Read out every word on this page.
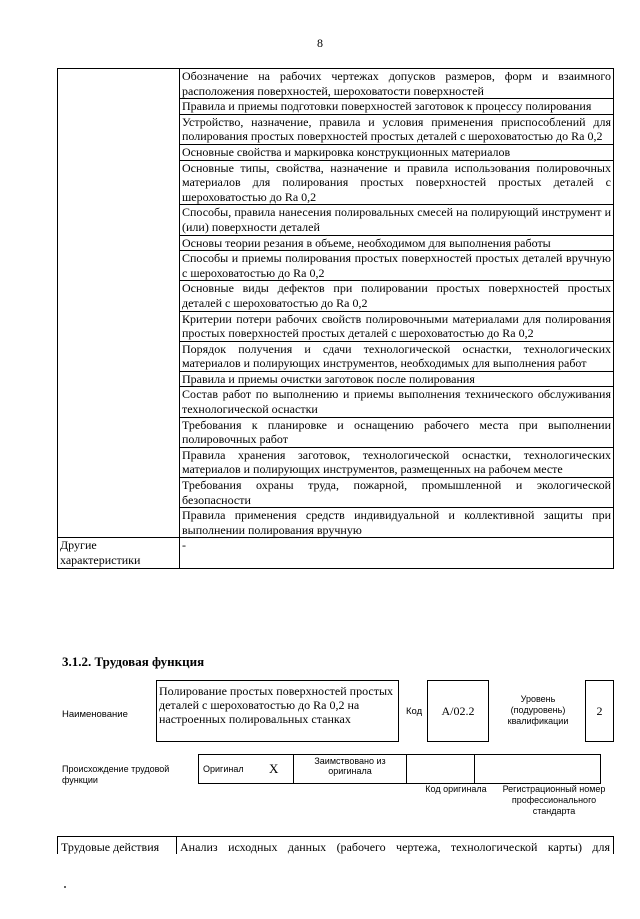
8
	Обозначение на рабочих чертежах допусков размеров, форм и взаимного расположения поверхностей, шероховатости поверхностей
	Правила и приемы подготовки поверхностей заготовок к процессу полирования
	Устройство, назначение, правила и условия применения приспособлений для полирования простых поверхностей простых деталей с шероховатостью до Ra 0,2
	Основные свойства и маркировка конструкционных материалов
	Основные типы, свойства, назначение и правила использования полировочных материалов для полирования простых поверхностей простых деталей с шероховатостью до Ra 0,2
	Способы, правила нанесения полировальных смесей на полирующий инструмент и (или) поверхности деталей
	Основы теории резания в объеме, необходимом для выполнения работы
	Способы и приемы полирования простых поверхностей простых деталей вручную с шероховатостью до Ra 0,2
	Основные виды дефектов при полировании простых поверхностей простых деталей с шероховатостью до Ra 0,2
	Критерии потери рабочих свойств полировочными материалами для полирования простых поверхностей простых деталей с шероховатостью до Ra 0,2
	Порядок получения и сдачи технологической оснастки, технологических материалов и полирующих инструментов, необходимых для выполнения работ
	Правила и приемы очистки заготовок после полирования
	Состав работ по выполнению и приемы выполнения технического обслуживания технологической оснастки
	Требования к планировке и оснащению рабочего места при выполнении полировочных работ
	Правила хранения заготовок, технологической оснастки, технологических материалов и полирующих инструментов, размещенных на рабочем месте
	Требования охраны труда, пожарной, промышленной и экологической безопасности
	Правила применения средств индивидуальной и коллективной защиты при выполнении полирования вручную
Другие характеристики	-
3.1.2. Трудовая функция
Наименование
Полирование простых поверхностей простых деталей с шероховатостью до Ra 0,2 на настроенных полировальных станках
Код	А/02.2
Уровень (подуровень) квалификации
2
Происхождение трудовой функции
Оригинал	X	Заимствовано из оригинала		
Код оригинала	Регистрационный номер профессионального стандарта
Трудовые действия	Анализ исходных данных (рабочего чертежа, технологической карты) для
